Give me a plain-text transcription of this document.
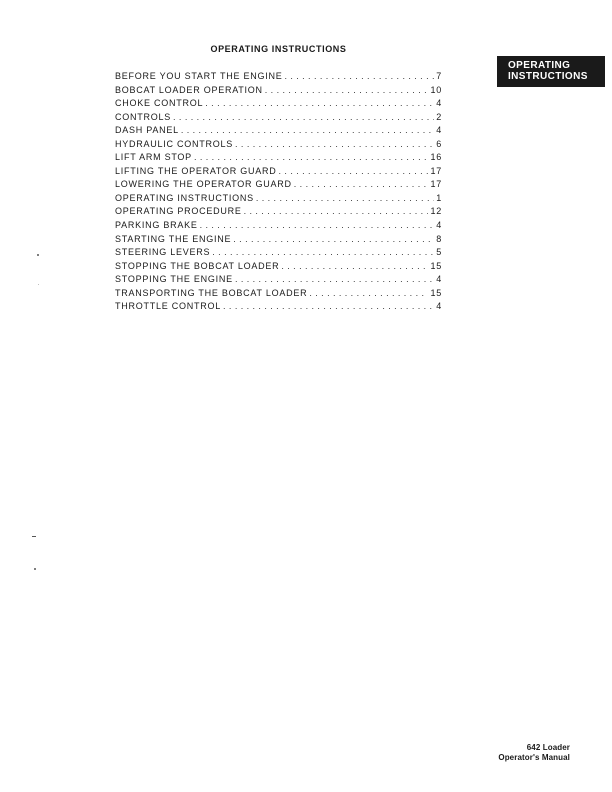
OPERATING INSTRUCTIONS
OPERATING
INSTRUCTIONS
BEFORE YOU START THE ENGINE .....	7
BOBCAT LOADER OPERATION .....	10
CHOKE CONTROL .....	4
CONTROLS .....	2
DASH PANEL .....	4
HYDRAULIC CONTROLS .....	6
LIFT ARM STOP .....	16
LIFTING THE OPERATOR GUARD .....	17
LOWERING THE OPERATOR GUARD .....	17
OPERATING INSTRUCTIONS .....	1
OPERATING PROCEDURE .....	12
PARKING BRAKE .....	4
STARTING THE ENGINE .....	8
STEERING LEVERS .....	5
STOPPING THE BOBCAT LOADER .....	15
STOPPING THE ENGINE .....	4
TRANSPORTING THE BOBCAT LOADER .....	15
THROTTLE CONTROL .....	4
642 Loader
Operator's Manual
